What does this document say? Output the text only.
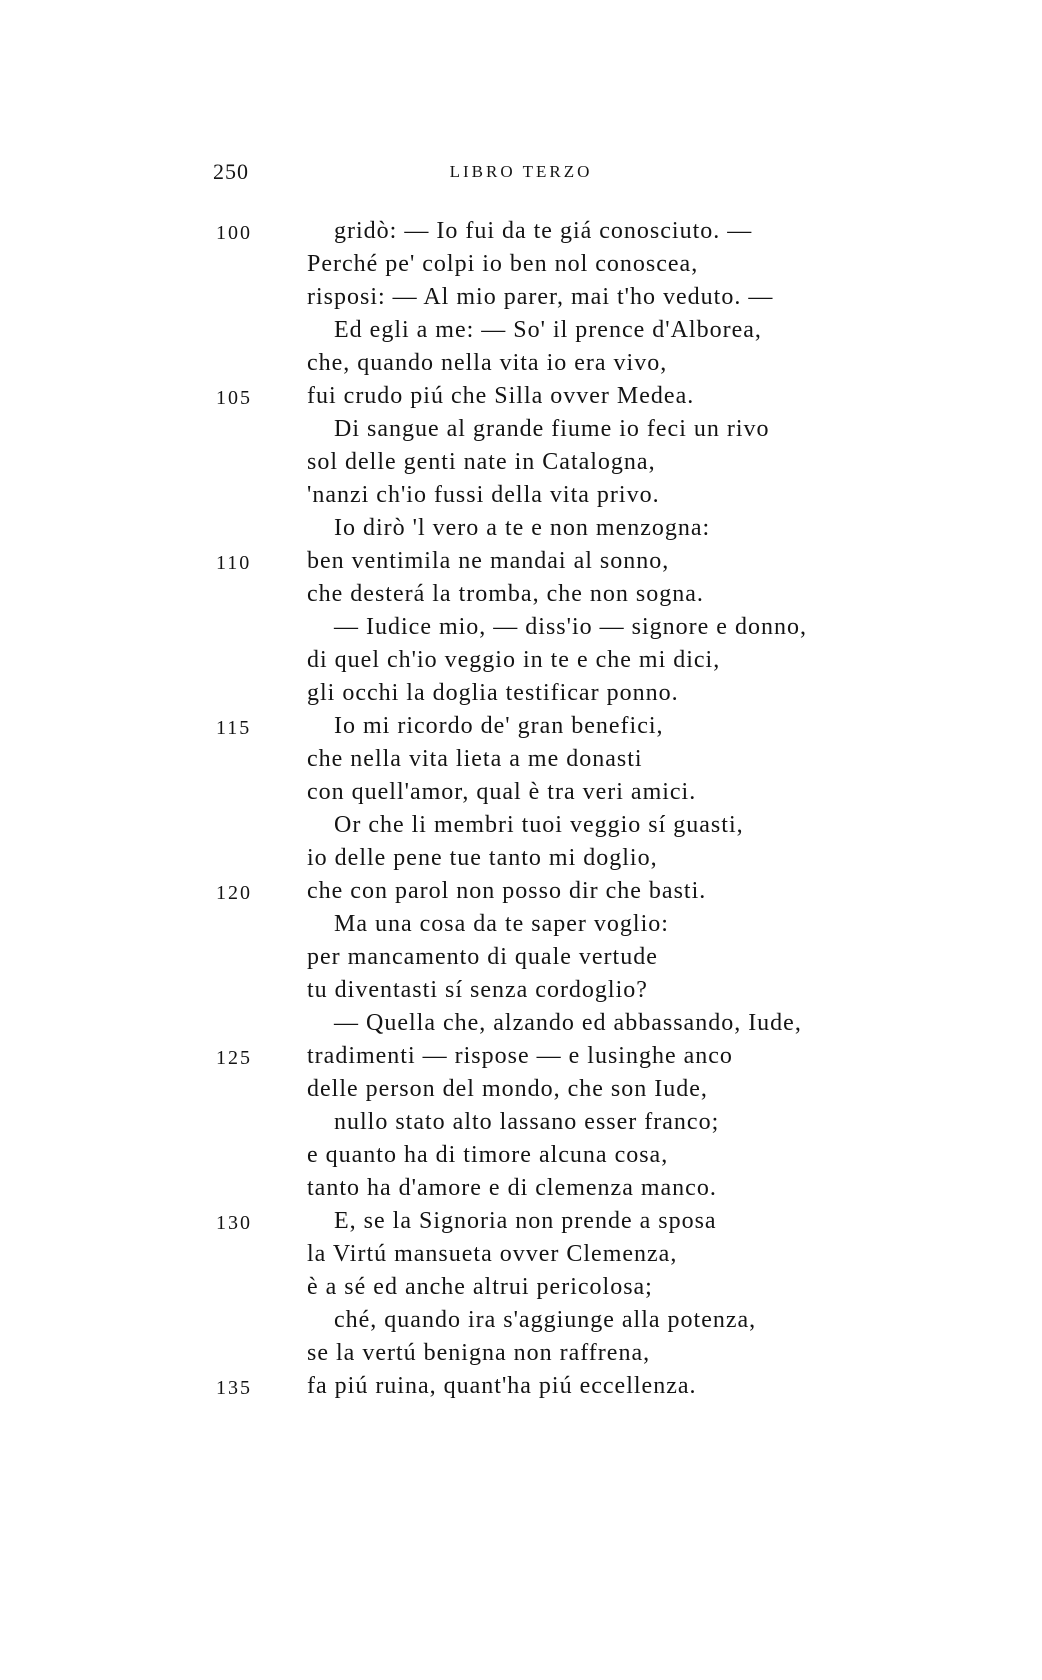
250	LIBRO TERZO
100	gridò: — Io fui da te giá conosciuto. —
Perché pe' colpi io ben nol conoscea,
risposi: — Al mio parer, mai t'ho veduto. —
Ed egli a me: — So' il prence d'Alborea,
che, quando nella vita io era vivo,
105 fui crudo piú che Silla ovver Medea.
Di sangue al grande fiume io feci un rivo
sol delle genti nate in Catalogna,
'nanzi ch'io fussi della vita privo.
Io dirò 'l vero a te e non menzogna:
110 ben ventimila ne mandai al sonno,
che desterá la tromba, che non sogna.
— Iudice mio, — diss'io — signore e donno,
di quel ch'io veggio in te e che mi dici,
gli occhi la doglia testificar ponno.
115	Io mi ricordo de' gran benefici,
che nella vita lieta a me donasti
con quell'amor, qual è tra veri amici.
Or che li membri tuoi veggio sí guasti,
io delle pene tue tanto mi doglio,
120 che con parol non posso dir che basti.
Ma una cosa da te saper voglio:
per mancamento di quale vertude
tu diventasti sí senza cordoglio?
— Quella che, alzando ed abbassando, Iude,
125 tradimenti — rispose — e lusinghe anco
delle person del mondo, che son Iude,
nullo stato alto lassano esser franco;
e quanto ha di timore alcuna cosa,
tanto ha d'amore e di clemenza manco.
130	E, se la Signoria non prende a sposa
la Virtú mansueta ovver Clemenza,
è a sé ed anche altrui pericolosa;
ché, quando ira s'aggiunge alla potenza,
se la vertú benigna non raffrena,
135 fa piú ruina, quant'ha piú eccellenza.
